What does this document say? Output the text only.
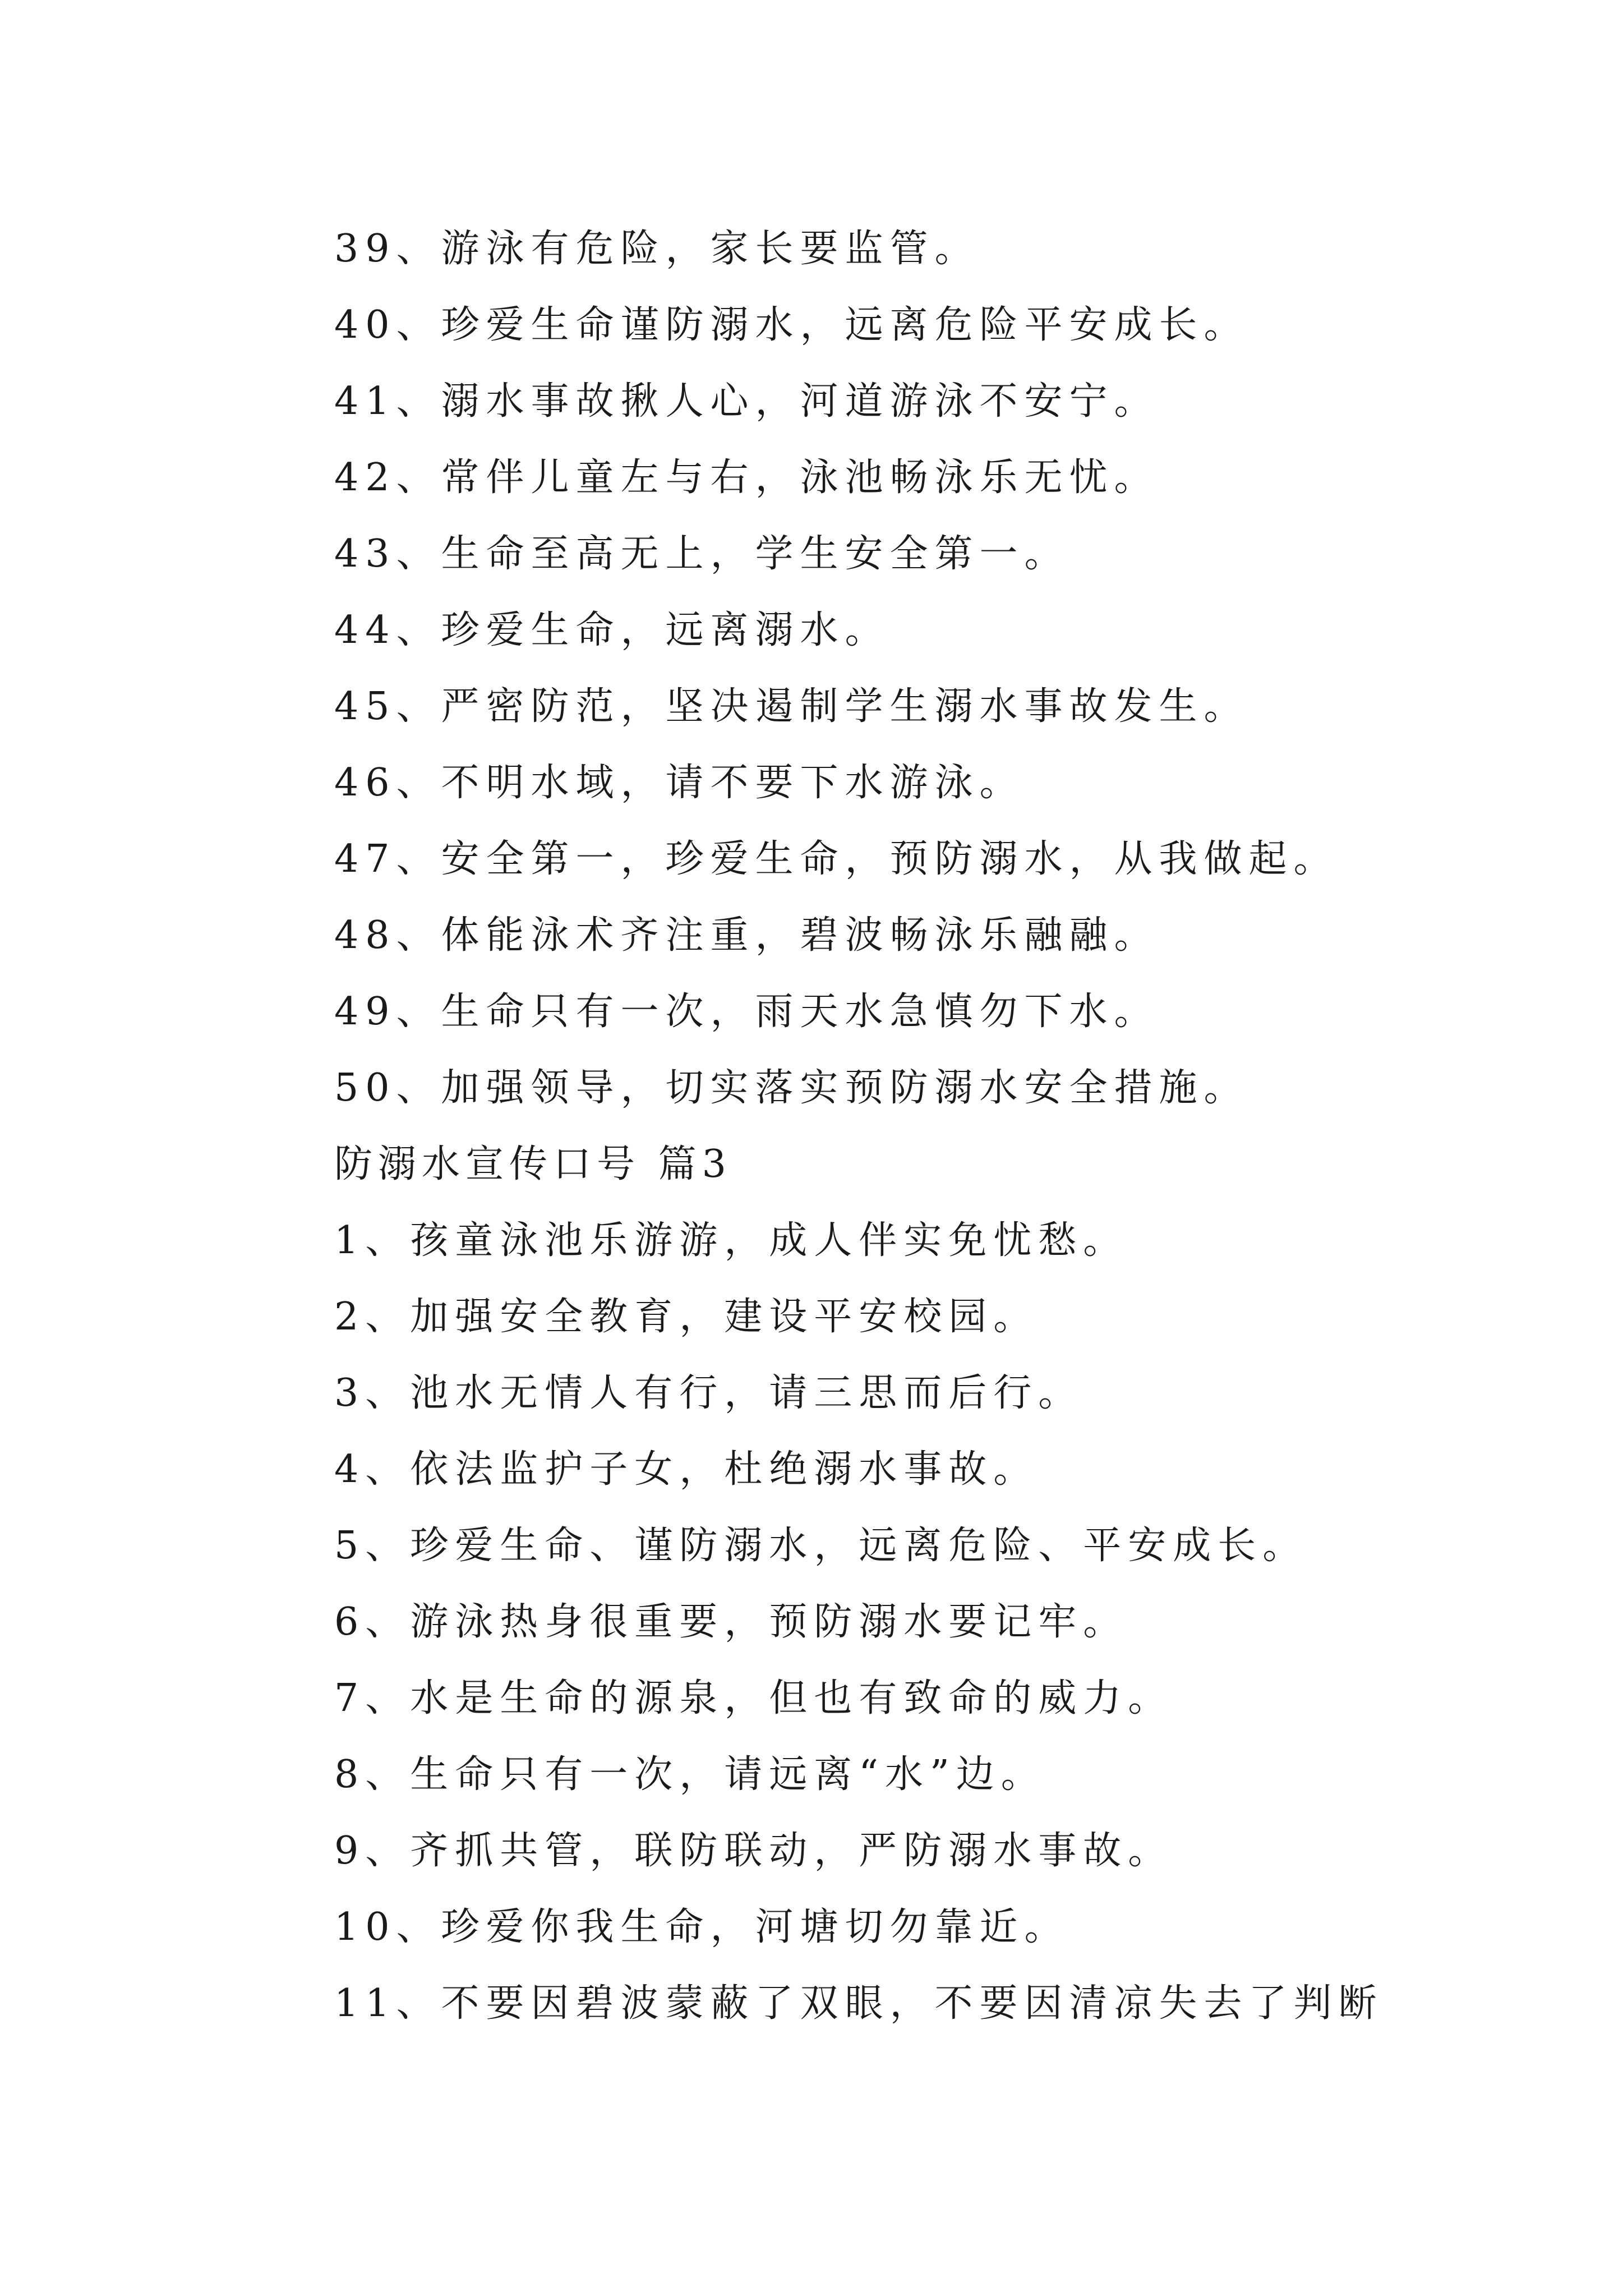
39、游泳有危险，家长要监管。
40、珍爱生命谨防溺水，远离危险平安成长。
41、溺水事故揪人心，河道游泳不安宁。
42、常伴儿童左与右，泳池畅泳乐无忧。
43、生命至高无上，学生安全第一。
44、珍爱生命，远离溺水。
45、严密防范，坚决遏制学生溺水事故发生。
46、不明水域，请不要下水游泳。
47、安全第一，珍爱生命，预防溺水，从我做起。
48、体能泳术齐注重，碧波畅泳乐融融。
49、生命只有一次，雨天水急慎勿下水。
50、加强领导，切实落实预防溺水安全措施。
防溺水宣传口号 篇3
1、孩童泳池乐游游，成人伴实免忧愁。
2、加强安全教育，建设平安校园。
3、池水无情人有行，请三思而后行。
4、依法监护子女，杜绝溺水事故。
5、珍爱生命、谨防溺水，远离危险、平安成长。
6、游泳热身很重要，预防溺水要记牢。
7、水是生命的源泉，但也有致命的威力。
8、生命只有一次，请远离“水”边。
9、齐抓共管，联防联动，严防溺水事故。
10、珍爱你我生命，河塘切勿靠近。
11、不要因碧波蒙蔽了双眼，不要因清凉失去了判断
